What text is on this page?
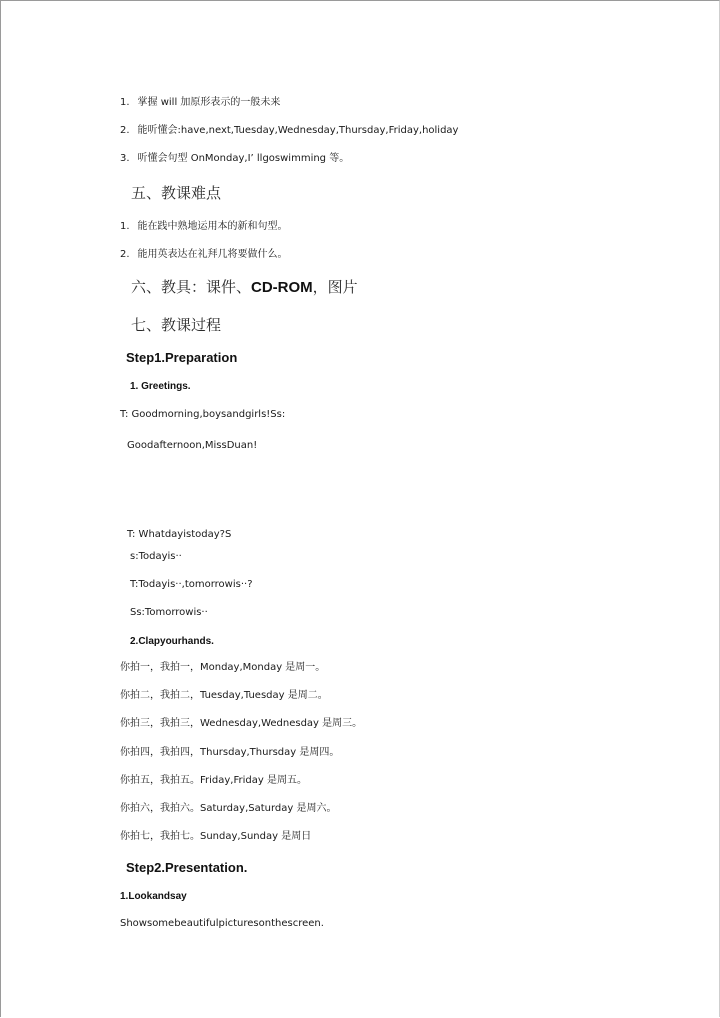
1. 掌握 will 加原形表示的一般未来
2. 能听懂会:have,next,Tuesday,Wednesday,Thursday,Friday,holiday
3. 听懂会句型 OnMonday,I’ llgoswimming 等。
五、教课难点
1. 能在践中熟地运用本的新和句型。
2. 能用英表达在礼拜几将要做什么。
六、教具：课件、CD-ROM，图片
七、教课过程
Step1.Preparation
1. Greetings.
T: Goodmorning,boysandgirls!Ss:
Goodafternoon,MissDuan!
T: Whatdayistoday?S
s:Todayis··
T:Todayis··,tomorrowis··?
Ss:Tomorrowis··
2.Clapyourhands.
你拍一，我拍一，Monday,Monday 是周一。
你拍二，我拍二，Tuesday,Tuesday 是周二。
你拍三，我拍三，Wednesday,Wednesday 是周三。
你拍四，我拍四，Thursday,Thursday 是周四。
你拍五，我拍五。Friday,Friday 是周五。
你拍六，我拍六。Saturday,Saturday 是周六。
你拍七，我拍七。Sunday,Sunday 是周日
Step2.Presentation.
1.Lookandsay
Showsomebeautifulpicturesonthescreen.
